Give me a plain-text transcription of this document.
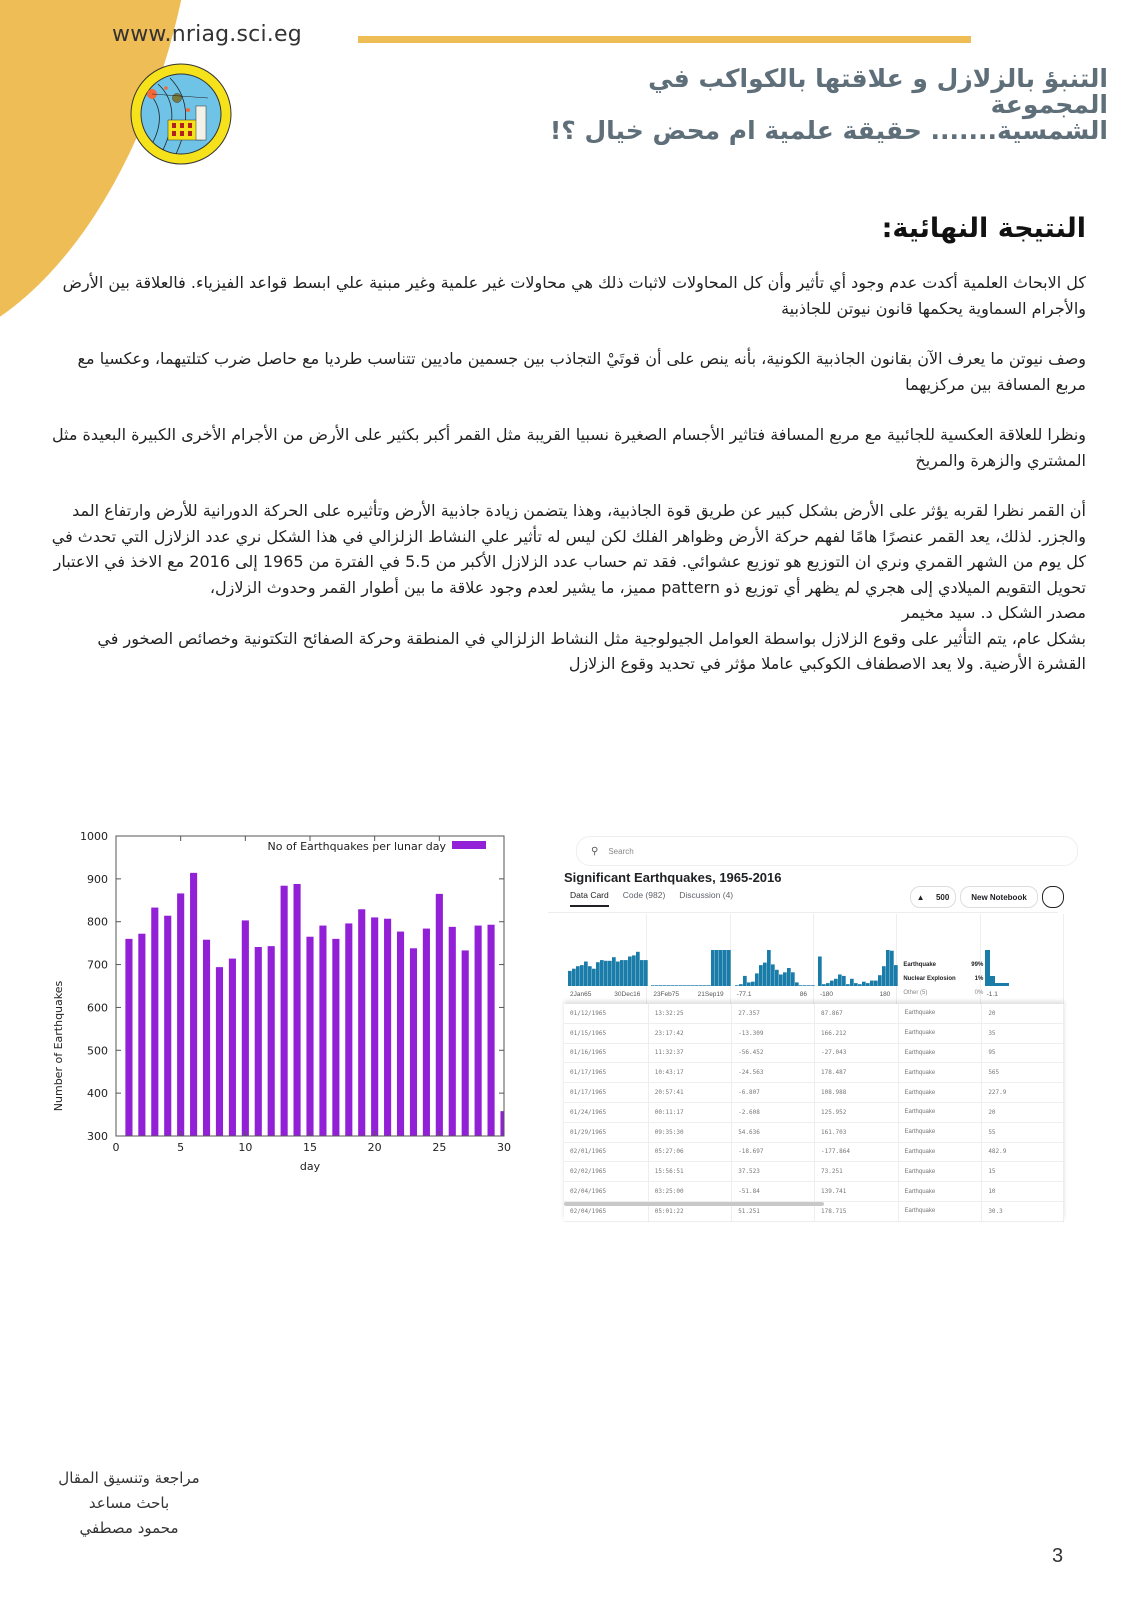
www.nriag.sci.eg
التنبؤ بالزلازل و علاقتها بالكواكب في المجموعة
الشمسية....... حقيقة علمية ام محض خيال ؟!
النتيجة النهائية:

كل الابحاث العلمية أكدت عدم وجود أي تأثير وأن كل المحاولات لاثبات ذلك هي محاولات غير علمية وغير مبنية علي ابسط قواعد الفيزياء. فالعلاقة بين الأرض والأجرام السماوية يحكمها قانون نيوتن للجاذبية

وصف نيوتن ما يعرف الآن بقانون الجاذبية الكونية، بأنه ينص على أن قوتَيْ التجاذب بين جسمين ماديين تتناسب طرديا مع حاصل ضرب كتلتيهما، وعكسيا مع مربع المسافة بين مركزيهما

ونظرا للعلاقة العكسية للجائبية مع مربع المسافة فتاثير الأجسام الصغيرة نسبيا القريبة مثل القمر أكبر بكثير على الأرض من الأجرام الأخرى الكبيرة البعيدة مثل المشتري والزهرة والمريخ

أن القمر نظرا لقربه يؤثر على الأرض بشكل كبير عن طريق قوة الجاذبية، وهذا يتضمن زيادة جاذبية الأرض وتأثيره على الحركة الدورانية للأرض وارتفاع المد والجزر. لذلك، يعد القمر عنصرًا هامًا لفهم حركة الأرض وظواهر الفلك لكن ليس له تأثير علي النشاط الزلزالي في هذا الشكل نري عدد الزلازل التي تحدث في كل يوم من الشهر القمري ونري ان التوزيع هو توزيع عشوائي. فقد تم حساب عدد الزلازل الأكبر من 5.5 في الفترة من 1965 إلى 2016 مع الاخذ في الاعتبار تحويل التقويم الميلادي إلى هجري لم يظهر أي توزيع ذو pattern مميز، ما يشير لعدم وجود علاقة ما بين أطوار القمر وحدوث الزلازل،

مصدر الشكل د. سيد مخيمر

بشكل عام، يتم التأثير على وقوع الزلازل بواسطة العوامل الجيولوجية مثل النشاط الزلزالي في المنطقة وحركة الصفائح التكتونية وخصائص الصخور في القشرة الأرضية. ولا يعد الاصطفاف الكوكبي عاملا مؤثر في تحديد وقوع الزلازل

300
400
500
600
700
800
900
1000
0	5	10	15	20	25	30
day
Number of Earthquakes
No of Earthquakes per lunar day	⚲ Search
Significant Earthquakes, 1965-2016
Data Card Code (982) Discussion (4)	▲ 500	New Notebook
2Jan65	30Dec16 23Feb75	21Sep19 -77.1	86 -180	180
Earthquake	99%
Nuclear Explosion	1%
Other (5)	0% -1.1
01/12/1965	13:32:25	27.357	87.867	Earthquake	20
01/15/1965	23:17:42	-13.309	166.212	Earthquake	35
01/16/1965	11:32:37	-56.452	-27.043	Earthquake	95
01/17/1965	10:43:17	-24.563	178.487	Earthquake	565
01/17/1965	20:57:41	-6.807	108.988	Earthquake	227.9
01/24/1965	00:11:17	-2.608	125.952	Earthquake	20
01/29/1965	09:35:30	54.636	161.703	Earthquake	55
02/01/1965	05:27:06	-18.697	-177.864	Earthquake	482.9
02/02/1965	15:56:51	37.523	73.251	Earthquake	15
02/04/1965	03:25:00	-51.84	139.741	Earthquake	10
02/04/1965	05:01:22	51.251	178.715	Earthquake	30.3
مراجعة وتنسيق المقال
باحث مساعد
محمود مصطفي
3
